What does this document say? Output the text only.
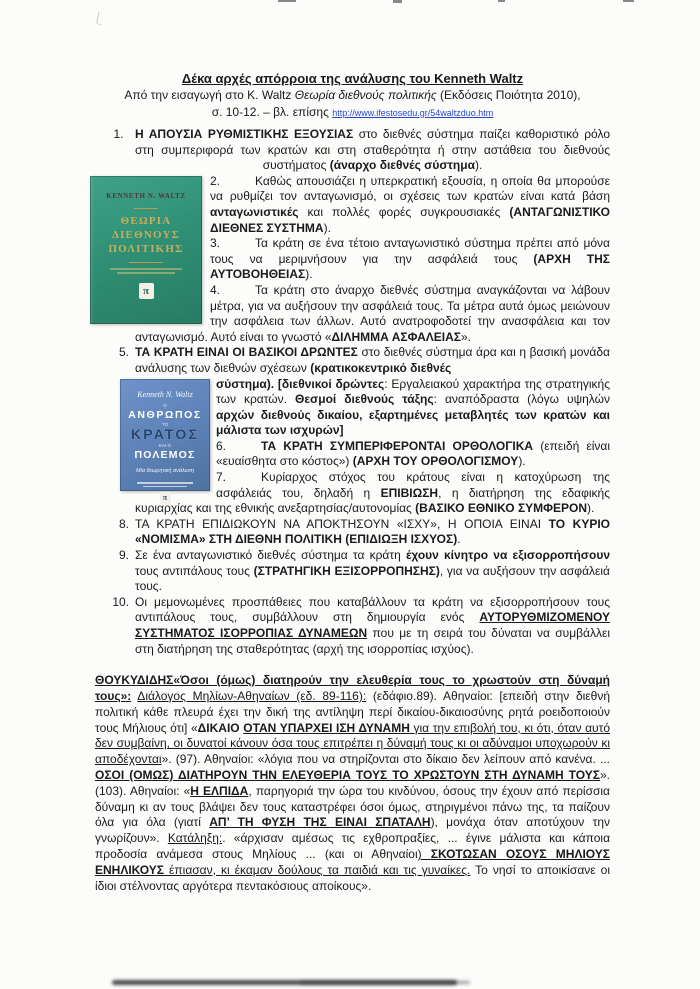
Δέκα αρχές απόρροια της ανάλυσης του Kenneth Waltz
Από την εισαγωγή στο Κ. Waltz Θεωρία διεθνούς πολιτικής (Εκδόσεις Ποιότητα 2010),
σ. 10-12. – βλ. επίσης http://www.ifestosedu.gr/54waltzduo.htm
1. Η ΑΠΟΥΣΙΑ ΡΥΘΜΙΣΤΙΚΗΣ ΕΞΟΥΣΙΑΣ στο διεθνές σύστημα παίζει καθοριστικό ρόλο στη συμπεριφορά των κρατών και στη σταθερότητα ή στην αστάθεια του διεθνούς συστήματος (άναρχο διεθνές σύστημα).
KENNETH N. WALTZ
ΘΕΩΡΙΑ
ΔΙΕΘΝΟΥΣ
ΠΟΛΙΤΙΚΗΣ
π
2.	Καθώς απουσιάζει η υπερκρατική εξουσία, η οποία θα μπορούσε να ρυθμίζει τον ανταγωνισμό, οι σχέσεις των κρατών είναι κατά βάση ανταγωνιστικές και πολλές φορές συγκρουσιακές (ΑΝΤΑΓΩΝΙΣΤΙΚΟ ΔΙΕΘΝΕΣ ΣΥΣΤΗΜΑ).
3.	Τα κράτη σε ένα τέτοιο ανταγωνιστικό σύστημα πρέπει από μόνα τους να μεριμνήσουν για την ασφάλειά τους (ΑΡΧΗ ΤΗΣ ΑΥΤΟΒΟΗΘΕΙΑΣ).
4.	Τα κράτη στο άναρχο διεθνές σύστημα αναγκάζονται να λάβουν μέτρα, για να αυξήσουν την ασφάλειά τους. Τα μέτρα αυτά όμως μειώνουν την ασφάλεια των άλλων. Αυτό ανατροφοδοτεί την ανασφάλεια και τον ανταγωνισμό. Αυτό είναι το γνωστό «ΔΙΛΗΜΜΑ ΑΣΦΑΛΕΙΑΣ».
5. ΤΑ ΚΡΑΤΗ ΕΙΝΑΙ ΟΙ ΒΑΣΙΚΟΙ ΔΡΩΝΤΕΣ στο διεθνές σύστημα άρα και η βασική μονάδα ανάλυσης των διεθνών σχέσεων (κρατικοκεντρικό διεθνές
Kenneth N. Waltz
Ο
ΑΝΘΡΩΠΟΣ
ΤΟ
ΚΡΑΤΟΣ
ΚΑΙ Ο
ΠΟΛΕΜΟΣ
Μία θεωρητική ανάλυση
π
σύστημα). [διεθνικοί δρώντες: Εργαλειακού χαρακτήρα της στρατηγικής των κρατών. Θεσμοί διεθνούς τάξης: αναπόδραστα (λόγω υψηλών αρχών διεθνούς δικαίου, εξαρτημένες μεταβλητές των κρατών και μάλιστα των ισχυρών]
6.	ΤΑ ΚΡΑΤΗ ΣΥΜΠΕΡΙΦΕΡΟΝΤΑΙ ΟΡΘΟΛΟΓΙΚΑ (επειδή είναι «ευαίσθητα στο κόστος») (ΑΡΧΗ ΤΟΥ ΟΡΘΟΛΟΓΙΣΜΟΥ).
7.	Κυρίαρχος στόχος του κράτους είναι η κατοχύρωση της ασφάλειάς του, δηλαδή η ΕΠΙΒΙΩΣΗ, η διατήρηση της εδαφικής κυριαρχίας και της εθνικής ανεξαρτησίας/αυτονομίας (ΒΑΣΙΚΟ ΕΘΝΙΚΟ ΣΥΜΦΕΡΟΝ).
8. ΤΑ ΚΡΑΤΗ ΕΠΙΔΙΩΚΟΥΝ ΝΑ ΑΠΟΚΤΗΣΟΥΝ «ΙΣΧΥ», Η ΟΠΟΙΑ ΕΙΝΑΙ ΤΟ ΚΥΡΙΟ «ΝΟΜΙΣΜΑ» ΣΤΗ ΔΙΕΘΝΗ ΠΟΛΙΤΙΚΗ (ΕΠΙΔΙΩΞΗ ΙΣΧΥΟΣ).
9. Σε ένα ανταγωνιστικό διεθνές σύστημα τα κράτη έχουν κίνητρο να εξισορροπήσουν τους αντιπάλους τους (ΣΤΡΑΤΗΓΙΚΗ ΕΞΙΣΟΡΡΟΠΗΣΗΣ), για να αυξήσουν την ασφάλειά τους.
10. Οι μεμονωμένες προσπάθειες που καταβάλλουν τα κράτη να εξισορροπήσουν τους αντιπάλους τους, συμβάλλουν στη δημιουργία ενός ΑΥΤΟΡΥΘΜΙΖΟΜΕΝΟΥ ΣΥΣΤΗΜΑΤΟΣ ΙΣΟΡΡΟΠΙΑΣ ΔΥΝΑΜΕΩΝ που με τη σειρά του δύναται να συμβάλλει στη διατήρηση της σταθερότητας (αρχή της ισορροπίας ισχύος).
ΘΟΥΚΥΔΙΔΗΣ«Όσοι (όμως) διατηρούν την ελευθερία τους το χρωστούν στη δύναμή τους»: Διάλογος Μηλίων-Αθηναίων (εδ. 89-116): (εδάφιο.89). Αθηναίοι: [επειδή στην διεθνή πολιτική κάθε πλευρά έχει την δική της αντίληψη περί δικαίου-δικαιοσύνης ρητά ροειδοποιούν τους Μήλιους ότι] «ΔΙΚΑΙΟ ΟΤΑΝ ΥΠΑΡΧΕΙ ΙΣΗ ΔΥΝΑΜΗ για την επιβολή του, κι ότι, όταν αυτό δεν συμβαίνη, οι δυνατοί κάνουν όσα τους επιτρέπει η δύναμή τους κι οι αδύναμοι υποχωρούν κι αποδέχονται». (97). Αθηναίοι: «λόγια που να στηρίζονται στο δίκαιο δεν λείπουν από κανένα. ... ΟΣΟΙ (ΟΜΩΣ) ΔΙΑΤΗΡΟΥΝ ΤΗΝ ΕΛΕΥΘΕΡΙΑ ΤΟΥΣ ΤΟ ΧΡΩΣΤΟΥΝ ΣΤΗ ΔΥΝΑΜΗ ΤΟΥΣ». (103). Αθηναίοι: «Η ΕΛΠΙΔΑ, παρηγοριά την ώρα του κινδύνου, όσους την έχουν από περίσσια δύναμη κι αν τους βλάψει δεν τους καταστρέφει όσοι όμως, στηριγμένοι πάνω της, τα παίζουν όλα για όλα (γιατί ΑΠ’ ΤΗ ΦΥΣΗ ΤΗΣ ΕΙΝΑΙ ΣΠΑΤΑΛΗ), μονάχα όταν αποτύχουν την γνωρίζουν». Κατάληξη:. «άρχισαν αμέσως τις εχθροπραξίες, ... έγινε μάλιστα και κάποια προδοσία ανάμεσα στους Μηλίους ... (και οι Αθηναίοι) ΣΚΟΤΩΣΑΝ ΟΣΟΥΣ ΜΗΛΙΟΥΣ ΕΝΗΛΙΚΟΥΣ έπιασαν, κι έκαμαν δούλους τα παιδιά και τις γυναίκες. Το νησί το αποικίσανε οι ίδιοι στέλνοντας αργότερα πεντακόσιους αποίκους».
